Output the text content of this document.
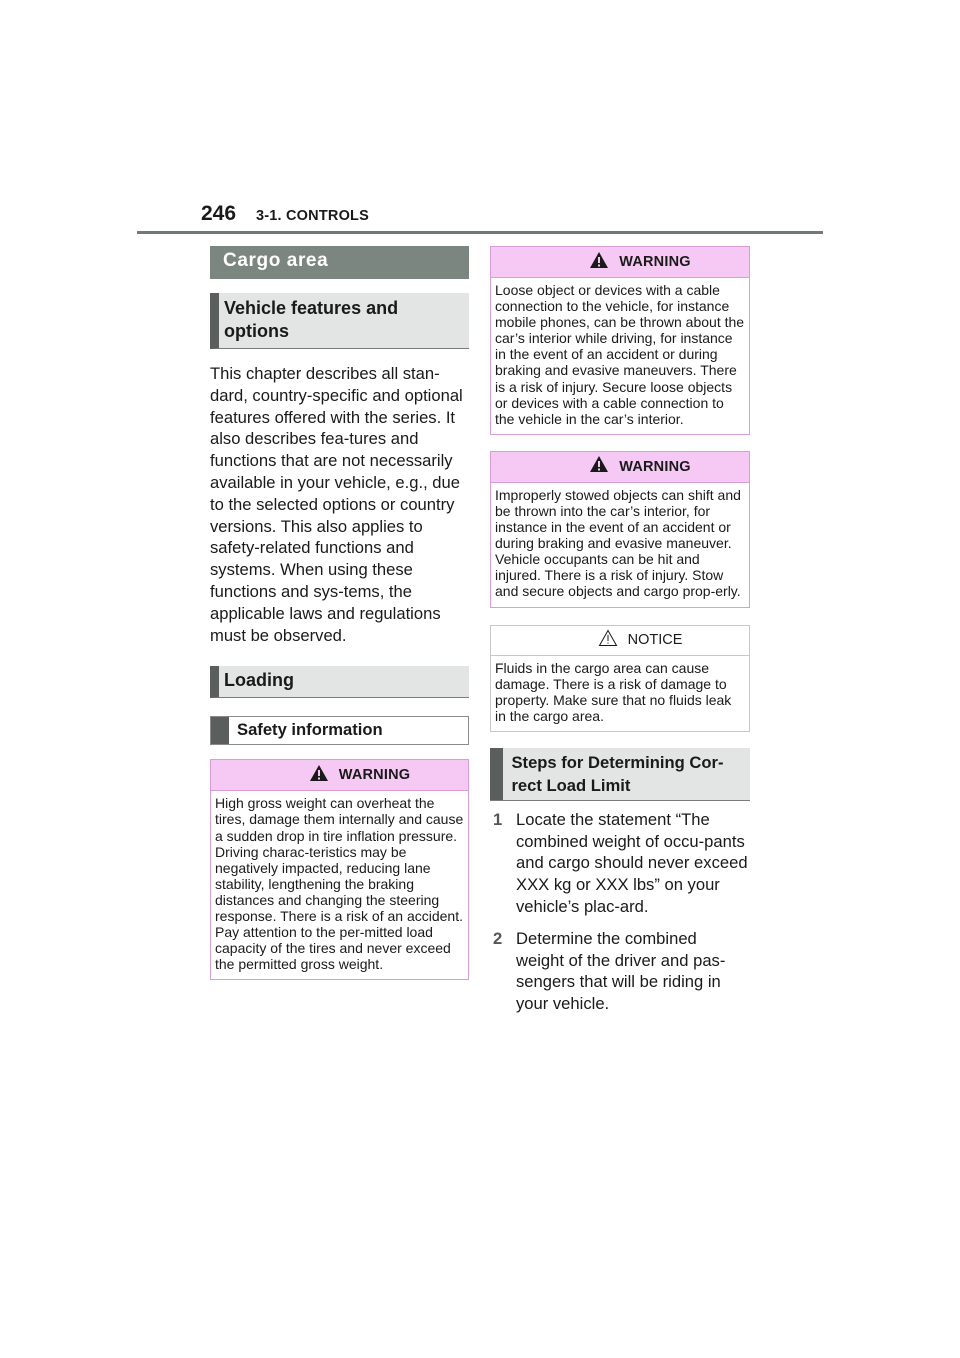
246 3-1. CONTROLS
Cargo area
Vehicle features and options
This chapter describes all stan-dard, country-specific and optional features offered with the series. It also describes fea-tures and functions that are not necessarily available in your vehicle, e.g., due to the selected options or country versions. This also applies to safety-related functions and systems. When using these functions and sys-tems, the applicable laws and regulations must be observed.
Loading
Safety information
WARNING
High gross weight can overheat the tires, damage them internally and cause a sudden drop in tire inflation pressure. Driving charac-teristics may be negatively impacted, reducing lane stability, lengthening the braking distances and changing the steering response. There is a risk of an accident. Pay attention to the per-mitted load capacity of the tires and never exceed the permitted gross weight.
WARNING
Loose object or devices with a cable connection to the vehicle, for instance mobile phones, can be thrown about the car’s interior while driving, for instance in the event of an accident or during braking and evasive maneuvers. There is a risk of injury. Secure loose objects or devices with a cable connection to the vehicle in the car’s interior.
WARNING
Improperly stowed objects can shift and be thrown into the car’s interior, for instance in the event of an accident or during braking and evasive maneuver. Vehicle occupants can be hit and injured. There is a risk of injury. Stow and secure objects and cargo prop-erly.
NOTICE
Fluids in the cargo area can cause damage. There is a risk of damage to property. Make sure that no fluids leak in the cargo area.
Steps for Determining Cor-rect Load Limit
1 Locate the statement “The combined weight of occu-pants and cargo should never exceed XXX kg or XXX lbs” on your vehicle’s plac-ard.
2 Determine the combined weight of the driver and pas-sengers that will be riding in your vehicle.
